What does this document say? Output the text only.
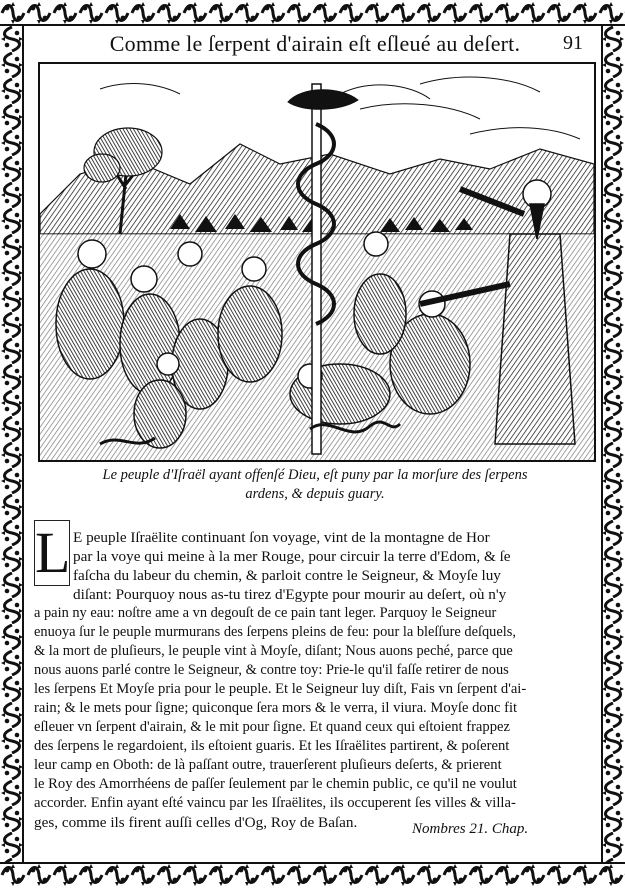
Comme le ſerpent d'airain eſt eſleué au deſert.	91
Le peuple d'Iſraël ayant offenſé Dieu, eſt puny par la morſure des ſerpens
ardens, & depuis guary.
L E peuple Iſraëlite continuant ſon voyage, vint de la montagne de Hor
par la voye qui meine à la mer Rouge, pour circuir la terre d'Edom, & ſe
faſcha du labeur du chemin, & parloit contre le Seigneur, & Moyſe luy
diſant: Pourquoy nous as-tu tirez d'Egypte pour mourir au deſert, où n'y
a pain ny eau: noſtre ame a vn degouſt de ce pain tant leger. Parquoy le Seigneur
enuoya ſur le peuple murmurans des ſerpens pleins de feu: pour la bleſſure deſquels,
& la mort de pluſieurs, le peuple vint à Moyſe, diſant; Nous auons peché, parce que
nous auons parlé contre le Seigneur, & contre toy: Prie-le qu'il faſſe retirer de nous
les ſerpens Et Moyſe pria pour le peuple. Et le Seigneur luy diſt, Fais vn ſerpent d'ai-
rain; & le mets pour ſigne; quiconque ſera mors & le verra, il viura. Moyſe donc fit
eſleuer vn ſerpent d'airain, & le mit pour ſigne. Et quand ceux qui eſtoient frappez
des ſerpens le regardoient, ils eſtoient guaris. Et les Iſraëlites partirent, & poſerent
leur camp en Oboth: de là paſſant outre, trauerſerent pluſieurs deſerts, & prierent
le Roy des Amorrhéens de paſſer ſeulement par le chemin public, ce qu'il ne voulut
accorder. Enfin ayant eſté vaincu par les Iſraëlites, ils occuperent ſes villes & villa-
ges, comme ils firent auſſi celles d'Og, Roy de Baſan.	Nombres 21. Chap.
